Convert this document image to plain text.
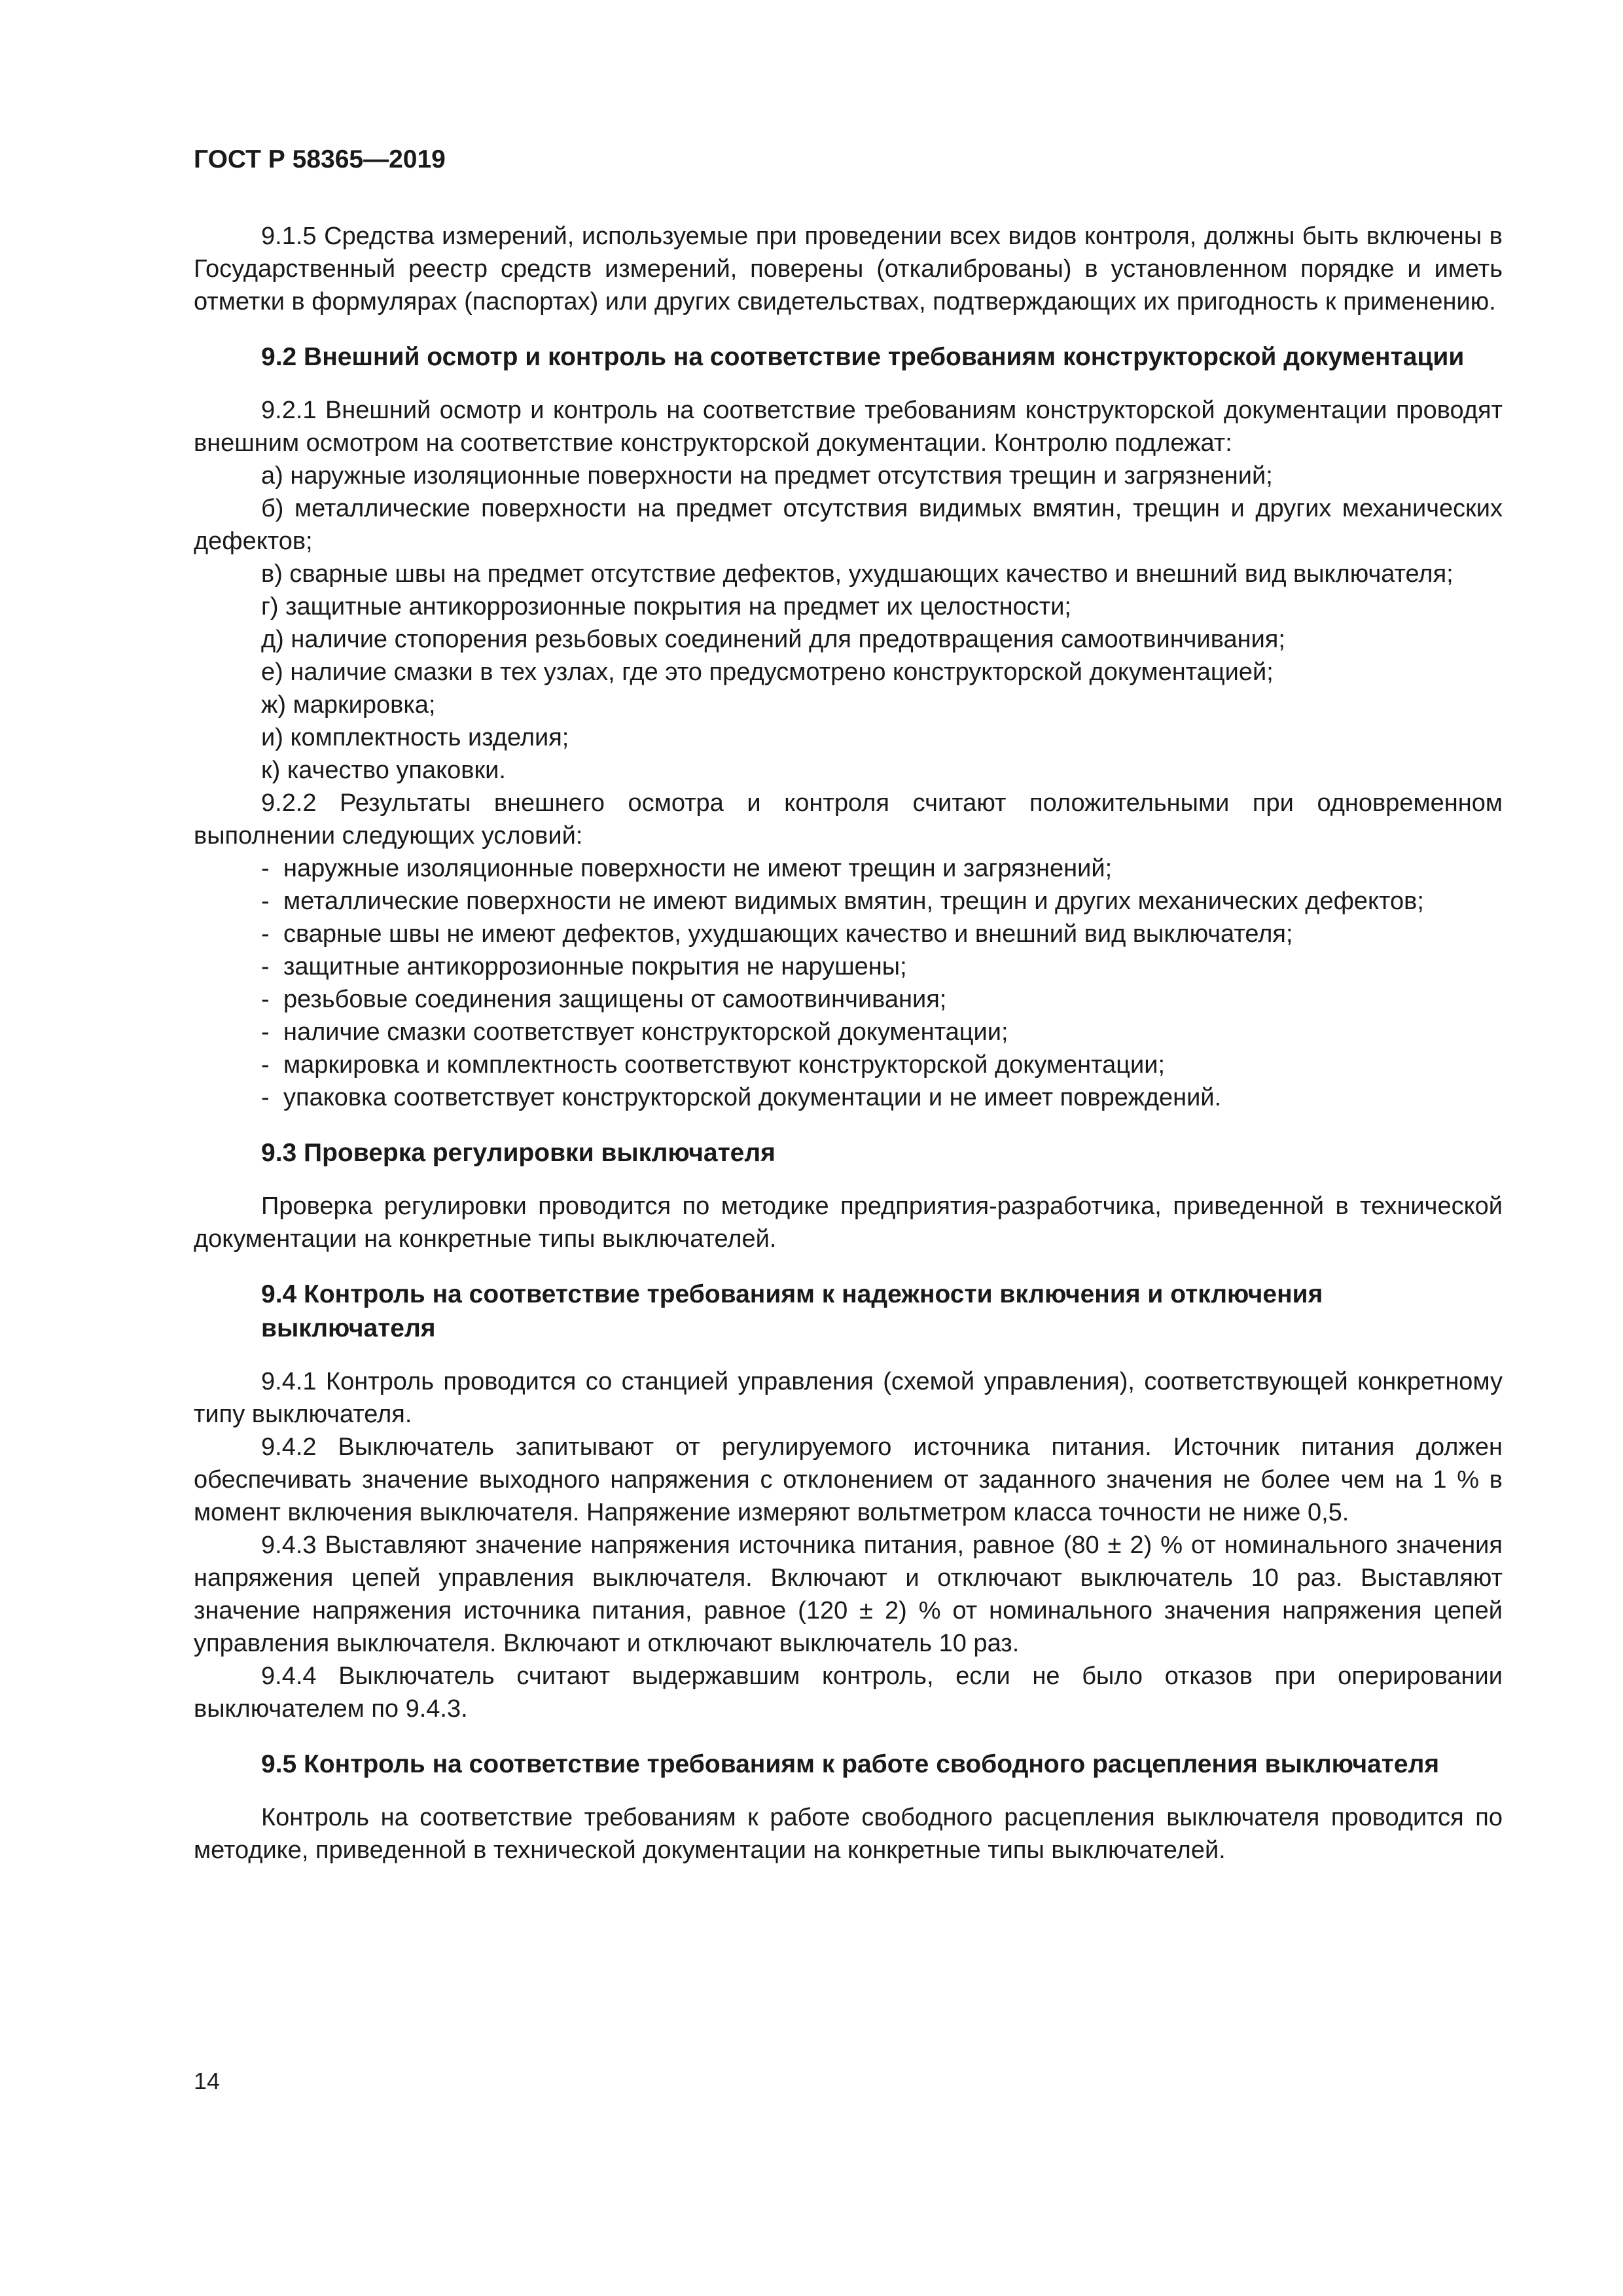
ГОСТ Р 58365—2019

9.1.5 Средства измерений, используемые при проведении всех видов контроля, должны быть включены в Государственный реестр средств измерений, поверены (откалиброваны) в установленном порядке и иметь отметки в формулярах (паспортах) или других свидетельствах, подтверждающих их пригодность к применению.

9.2 Внешний осмотр и контроль на соответствие требованиям конструкторской документации

9.2.1 Внешний осмотр и контроль на соответствие требованиям конструкторской документации проводят внешним осмотром на соответствие конструкторской документации. Контролю подлежат:

а) наружные изоляционные поверхности на предмет отсутствия трещин и загрязнений;

б) металлические поверхности на предмет отсутствия видимых вмятин, трещин и других механических дефектов;

в) сварные швы на предмет отсутствие дефектов, ухудшающих качество и внешний вид выключателя;

г) защитные антикоррозионные покрытия на предмет их целостности;

д) наличие стопорения резьбовых соединений для предотвращения самоотвинчивания;

е) наличие смазки в тех узлах, где это предусмотрено конструкторской документацией;

ж) маркировка;

и) комплектность изделия;

к) качество упаковки.

9.2.2 Результаты внешнего осмотра и контроля считают положительными при одновременном выполнении следующих условий:

- наружные изоляционные поверхности не имеют трещин и загрязнений;

- металлические поверхности не имеют видимых вмятин, трещин и других механических дефектов;

- сварные швы не имеют дефектов, ухудшающих качество и внешний вид выключателя;

- защитные антикоррозионные покрытия не нарушены;

- резьбовые соединения защищены от самоотвинчивания;

- наличие смазки соответствует конструкторской документации;

- маркировка и комплектность соответствуют конструкторской документации;

- упаковка соответствует конструкторской документации и не имеет повреждений.

9.3 Проверка регулировки выключателя

Проверка регулировки проводится по методике предприятия-разработчика, приведенной в технической документации на конкретные типы выключателей.

9.4 Контроль на соответствие требованиям к надежности включения и отключения выключателя

9.4.1 Контроль проводится со станцией управления (схемой управления), соответствующей конкретному типу выключателя.

9.4.2 Выключатель запитывают от регулируемого источника питания. Источник питания должен обеспечивать значение выходного напряжения с отклонением от заданного значения не более чем на 1 % в момент включения выключателя. Напряжение измеряют вольтметром класса точности не ниже 0,5.

9.4.3 Выставляют значение напряжения источника питания, равное (80 ± 2) % от номинального значения напряжения цепей управления выключателя. Включают и отключают выключатель 10 раз. Выставляют значение напряжения источника питания, равное (120 ± 2) % от номинального значения напряжения цепей управления выключателя. Включают и отключают выключатель 10 раз.

9.4.4 Выключатель считают выдержавшим контроль, если не было отказов при оперировании выключателем по 9.4.3.

9.5 Контроль на соответствие требованиям к работе свободного расцепления выключателя

Контроль на соответствие требованиям к работе свободного расцепления выключателя проводится по методике, приведенной в технической документации на конкретные типы выключателей.

14
